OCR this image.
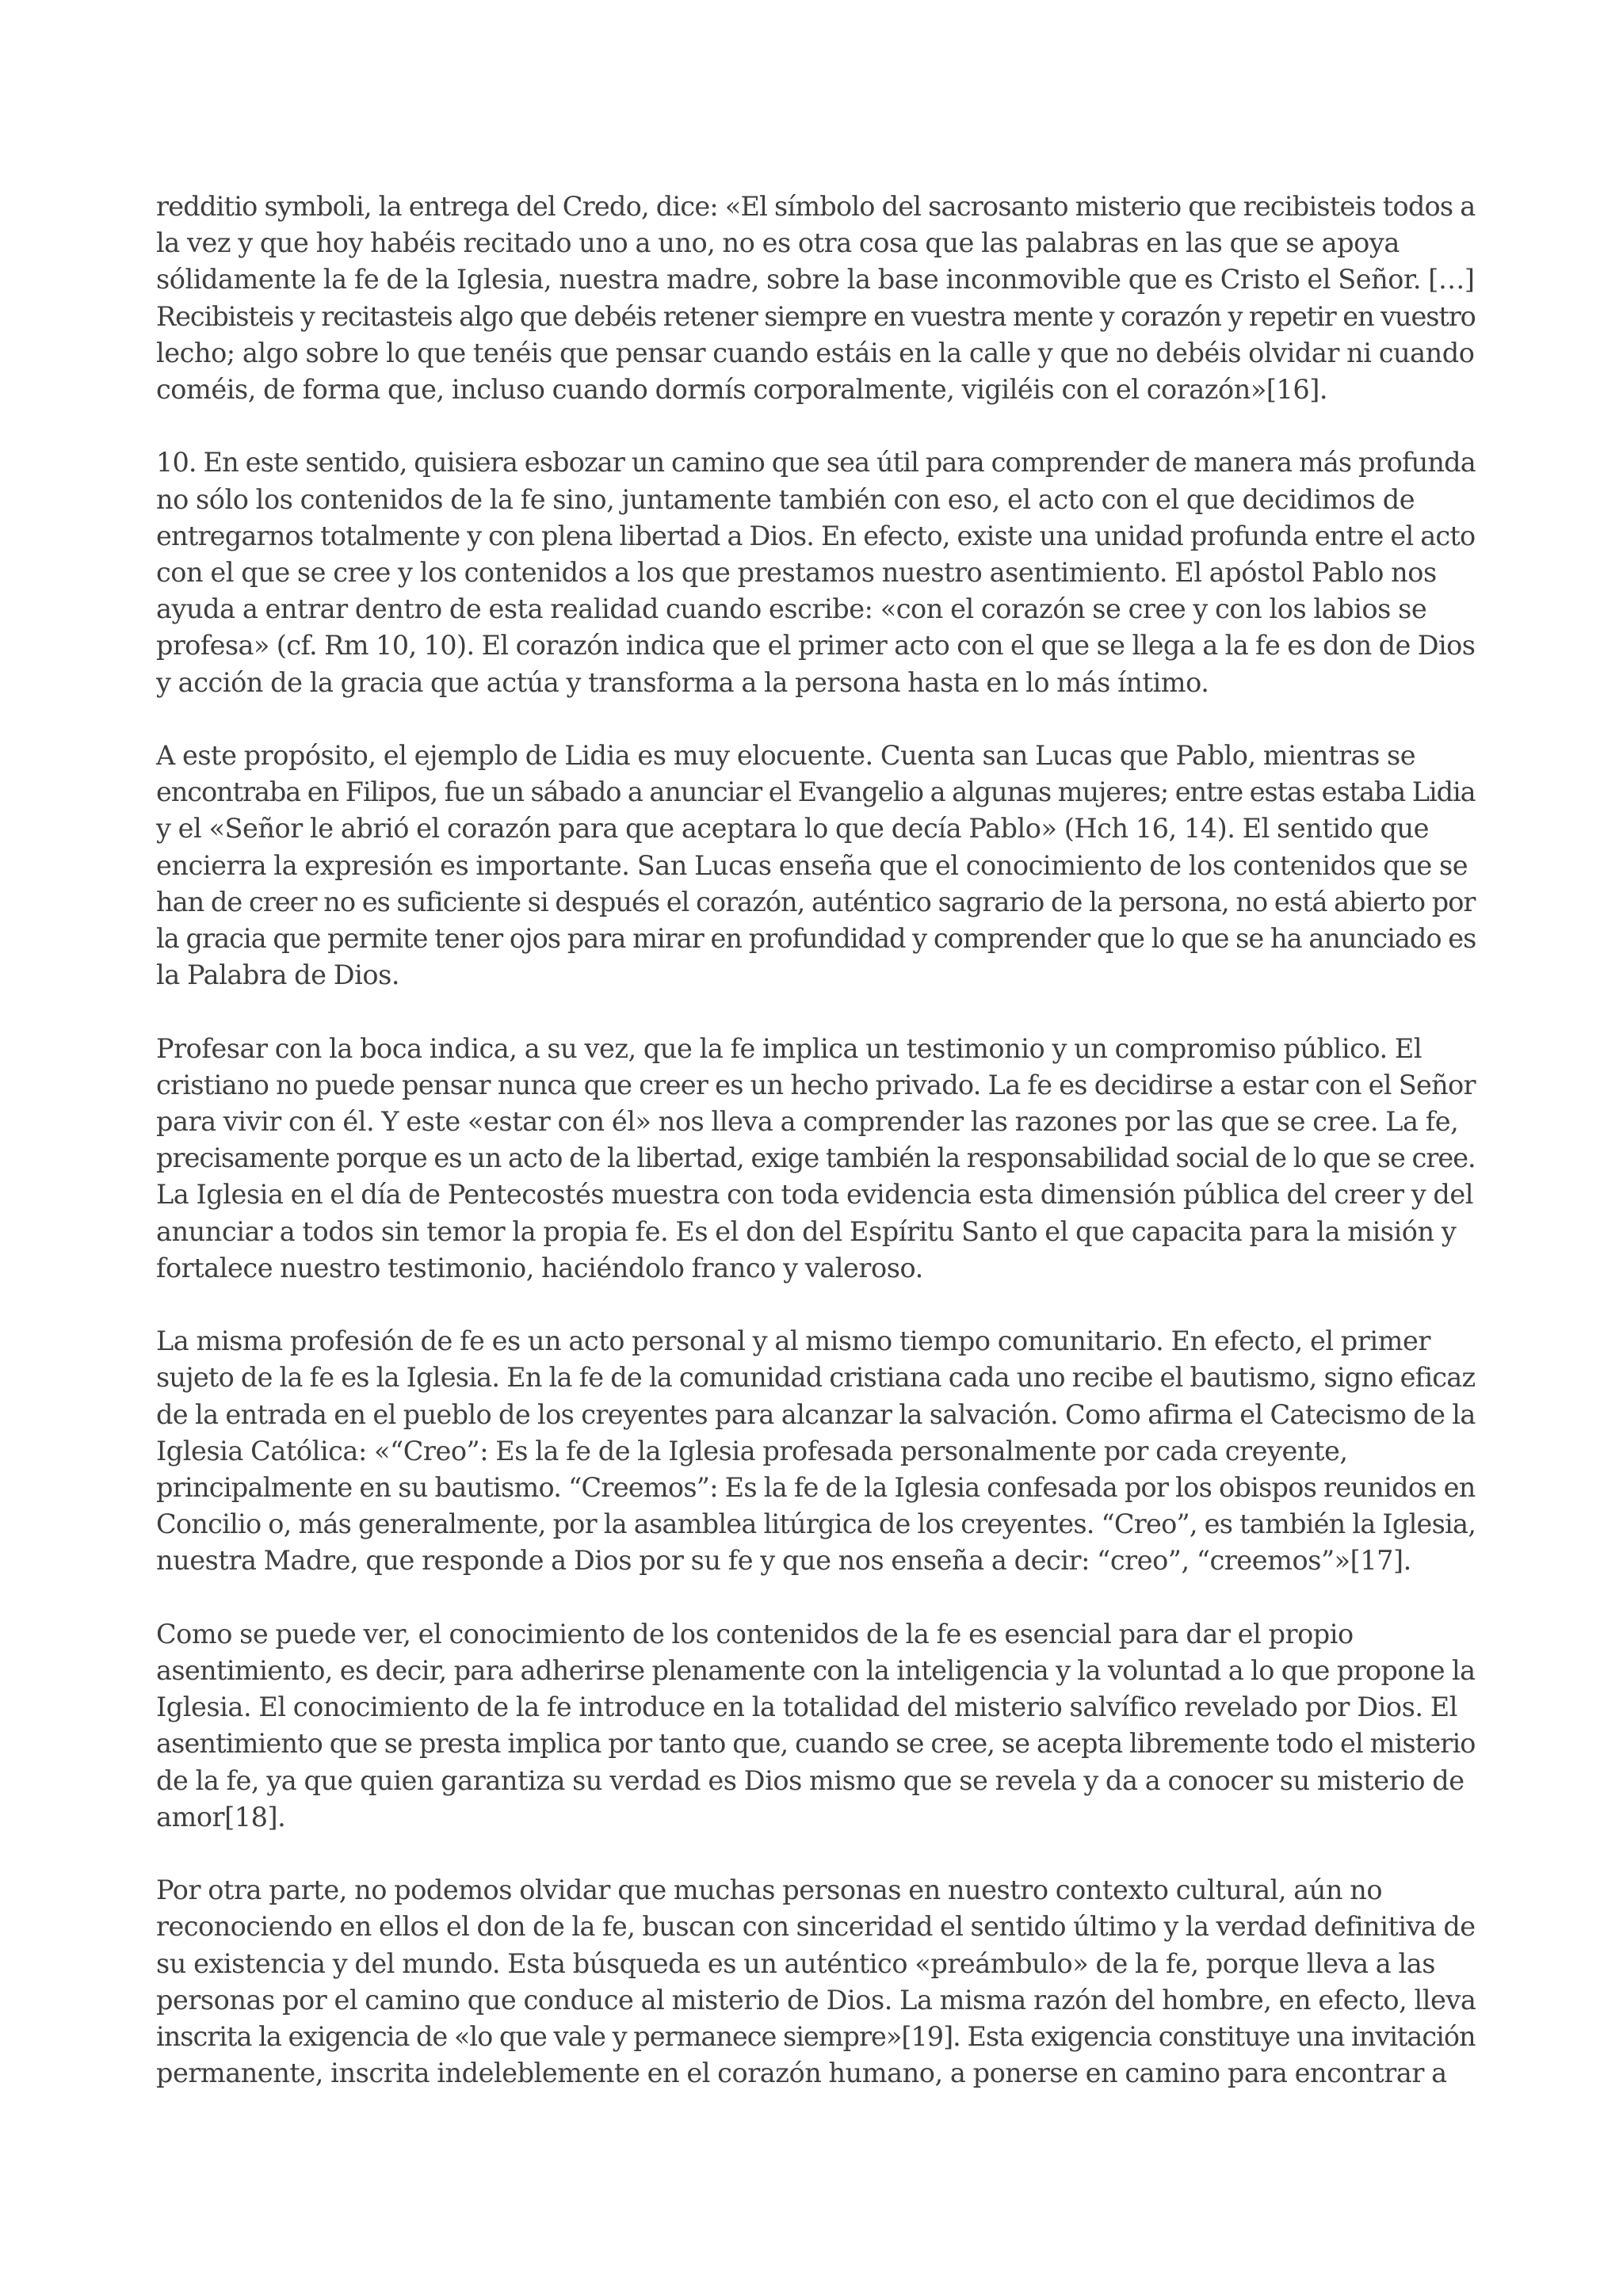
redditio symboli, la entrega del Credo, dice: «El símbolo del sacrosanto misterio que recibisteis todos a
la vez y que hoy habéis recitado uno a uno, no es otra cosa que las palabras en las que se apoya
sólidamente la fe de la Iglesia, nuestra madre, sobre la base inconmovible que es Cristo el Señor. […]
Recibisteis y recitasteis algo que debéis retener siempre en vuestra mente y corazón y repetir en vuestro
lecho; algo sobre lo que tenéis que pensar cuando estáis en la calle y que no debéis olvidar ni cuando
coméis, de forma que, incluso cuando dormís corporalmente, vigiléis con el corazón»[16].

10. En este sentido, quisiera esbozar un camino que sea útil para comprender de manera más profunda
no sólo los contenidos de la fe sino, juntamente también con eso, el acto con el que decidimos de
entregarnos totalmente y con plena libertad a Dios. En efecto, existe una unidad profunda entre el acto
con el que se cree y los contenidos a los que prestamos nuestro asentimiento. El apóstol Pablo nos
ayuda a entrar dentro de esta realidad cuando escribe: «con el corazón se cree y con los labios se
profesa» (cf. Rm 10, 10). El corazón indica que el primer acto con el que se llega a la fe es don de Dios
y acción de la gracia que actúa y transforma a la persona hasta en lo más íntimo.

A este propósito, el ejemplo de Lidia es muy elocuente. Cuenta san Lucas que Pablo, mientras se
encontraba en Filipos, fue un sábado a anunciar el Evangelio a algunas mujeres; entre estas estaba Lidia
y el «Señor le abrió el corazón para que aceptara lo que decía Pablo» (Hch 16, 14). El sentido que
encierra la expresión es importante. San Lucas enseña que el conocimiento de los contenidos que se
han de creer no es suficiente si después el corazón, auténtico sagrario de la persona, no está abierto por
la gracia que permite tener ojos para mirar en profundidad y comprender que lo que se ha anunciado es
la Palabra de Dios.

Profesar con la boca indica, a su vez, que la fe implica un testimonio y un compromiso público. El
cristiano no puede pensar nunca que creer es un hecho privado. La fe es decidirse a estar con el Señor
para vivir con él. Y este «estar con él» nos lleva a comprender las razones por las que se cree. La fe,
precisamente porque es un acto de la libertad, exige también la responsabilidad social de lo que se cree.
La Iglesia en el día de Pentecostés muestra con toda evidencia esta dimensión pública del creer y del
anunciar a todos sin temor la propia fe. Es el don del Espíritu Santo el que capacita para la misión y
fortalece nuestro testimonio, haciéndolo franco y valeroso.

La misma profesión de fe es un acto personal y al mismo tiempo comunitario. En efecto, el primer
sujeto de la fe es la Iglesia. En la fe de la comunidad cristiana cada uno recibe el bautismo, signo eficaz
de la entrada en el pueblo de los creyentes para alcanzar la salvación. Como afirma el Catecismo de la
Iglesia Católica: «“Creo”: Es la fe de la Iglesia profesada personalmente por cada creyente,
principalmente en su bautismo. “Creemos”: Es la fe de la Iglesia confesada por los obispos reunidos en
Concilio o, más generalmente, por la asamblea litúrgica de los creyentes. “Creo”, es también la Iglesia,
nuestra Madre, que responde a Dios por su fe y que nos enseña a decir: “creo”, “creemos”»[17].

Como se puede ver, el conocimiento de los contenidos de la fe es esencial para dar el propio
asentimiento, es decir, para adherirse plenamente con la inteligencia y la voluntad a lo que propone la
Iglesia. El conocimiento de la fe introduce en la totalidad del misterio salvífico revelado por Dios. El
asentimiento que se presta implica por tanto que, cuando se cree, se acepta libremente todo el misterio
de la fe, ya que quien garantiza su verdad es Dios mismo que se revela y da a conocer su misterio de
amor[18].

Por otra parte, no podemos olvidar que muchas personas en nuestro contexto cultural, aún no
reconociendo en ellos el don de la fe, buscan con sinceridad el sentido último y la verdad definitiva de
su existencia y del mundo. Esta búsqueda es un auténtico «preámbulo» de la fe, porque lleva a las
personas por el camino que conduce al misterio de Dios. La misma razón del hombre, en efecto, lleva
inscrita la exigencia de «lo que vale y permanece siempre»[19]. Esta exigencia constituye una invitación
permanente, inscrita indeleblemente en el corazón humano, a ponerse en camino para encontrar a
